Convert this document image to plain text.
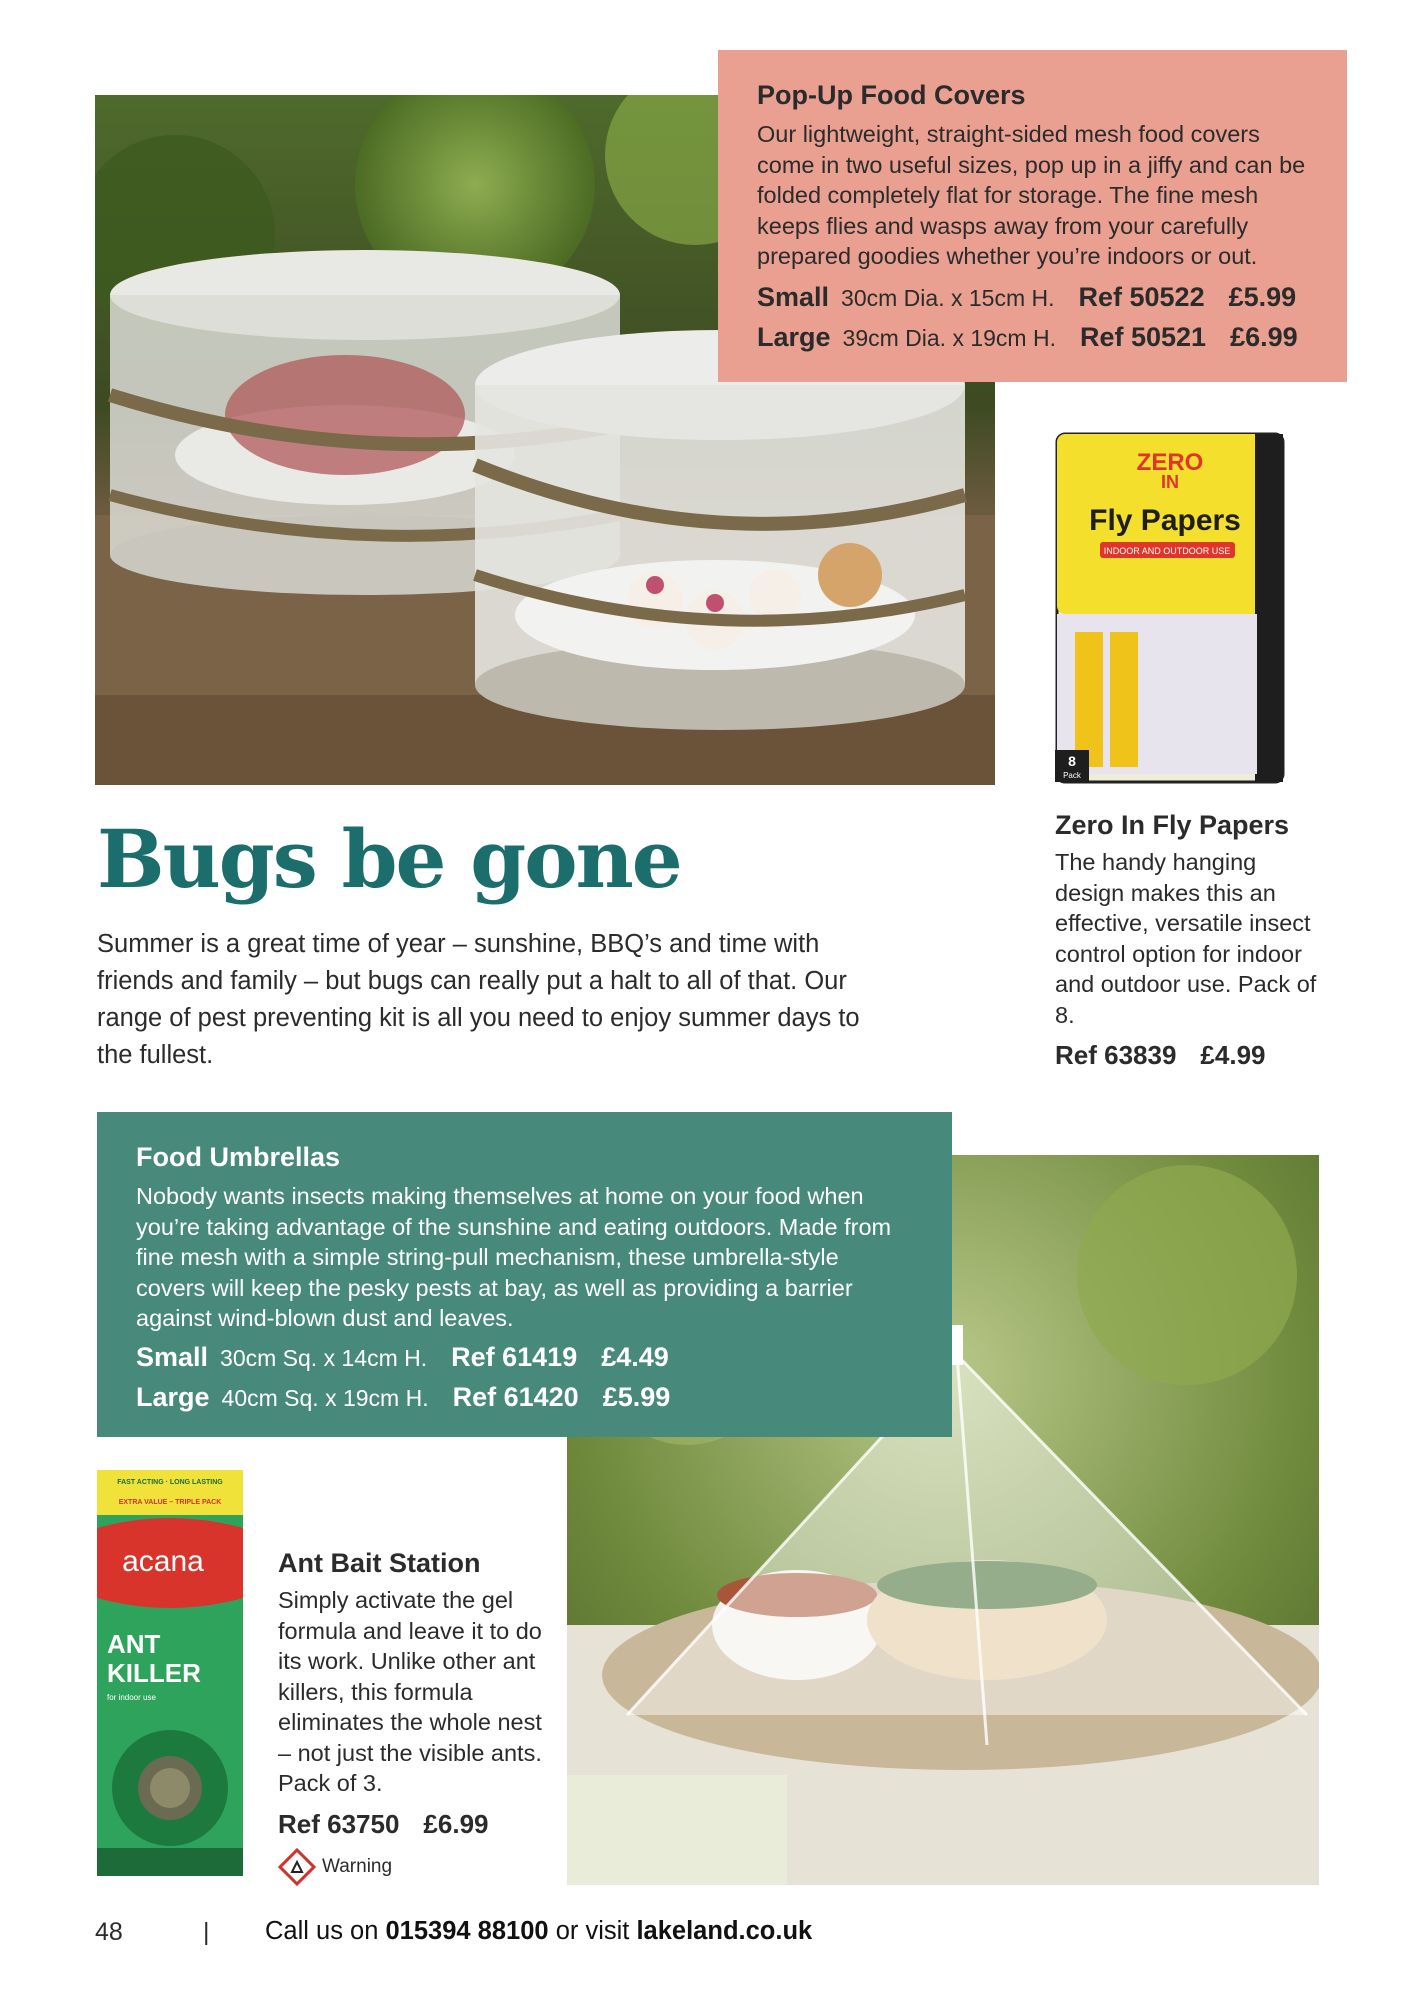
Pop-Up Food Covers
Our lightweight, straight-sided mesh food covers come in two useful sizes, pop up in a jiffy and can be folded completely flat for storage. The fine mesh keeps flies and wasps away from your carefully prepared goodies whether you’re indoors or out.
Small 30cm Dia. x 15cm H. Ref 50522 £5.99
Large 39cm Dia. x 19cm H. Ref 50521 £6.99
ZERO
IN
Fly Papers
INDOOR AND OUTDOOR USE
8
Pack
Zero In Fly Papers
The handy hanging design makes this an effective, versatile insect control option for indoor and outdoor use. Pack of 8.
Ref 63839 £4.99
Bugs be gone
Summer is a great time of year – sunshine, BBQ’s and time with friends and family – but bugs can really put a halt to all of that. Our range of pest preventing kit is all you need to enjoy summer days to the fullest.
Food Umbrellas
Nobody wants insects making themselves at home on your food when you’re taking advantage of the sunshine and eating outdoors. Made from fine mesh with a simple string-pull mechanism, these umbrella-style covers will keep the pesky pests at bay, as well as providing a barrier against wind-blown dust and leaves.
Small 30cm Sq. x 14cm H. Ref 61419 £4.49
Large 40cm Sq. x 19cm H. Ref 61420 £5.99
FAST ACTING · LONG LASTING
EXTRA VALUE – TRIPLE PACK
acana
ANT
KILLER
for indoor use
Ant Bait Station
Simply activate the gel formula and leave it to do its work. Unlike other ant killers, this formula eliminates the whole nest – not just the visible ants. Pack of 3.
Ref 63750 £6.99
Warning
48	| Call us on 015394 88100 or visit lakeland.co.uk
